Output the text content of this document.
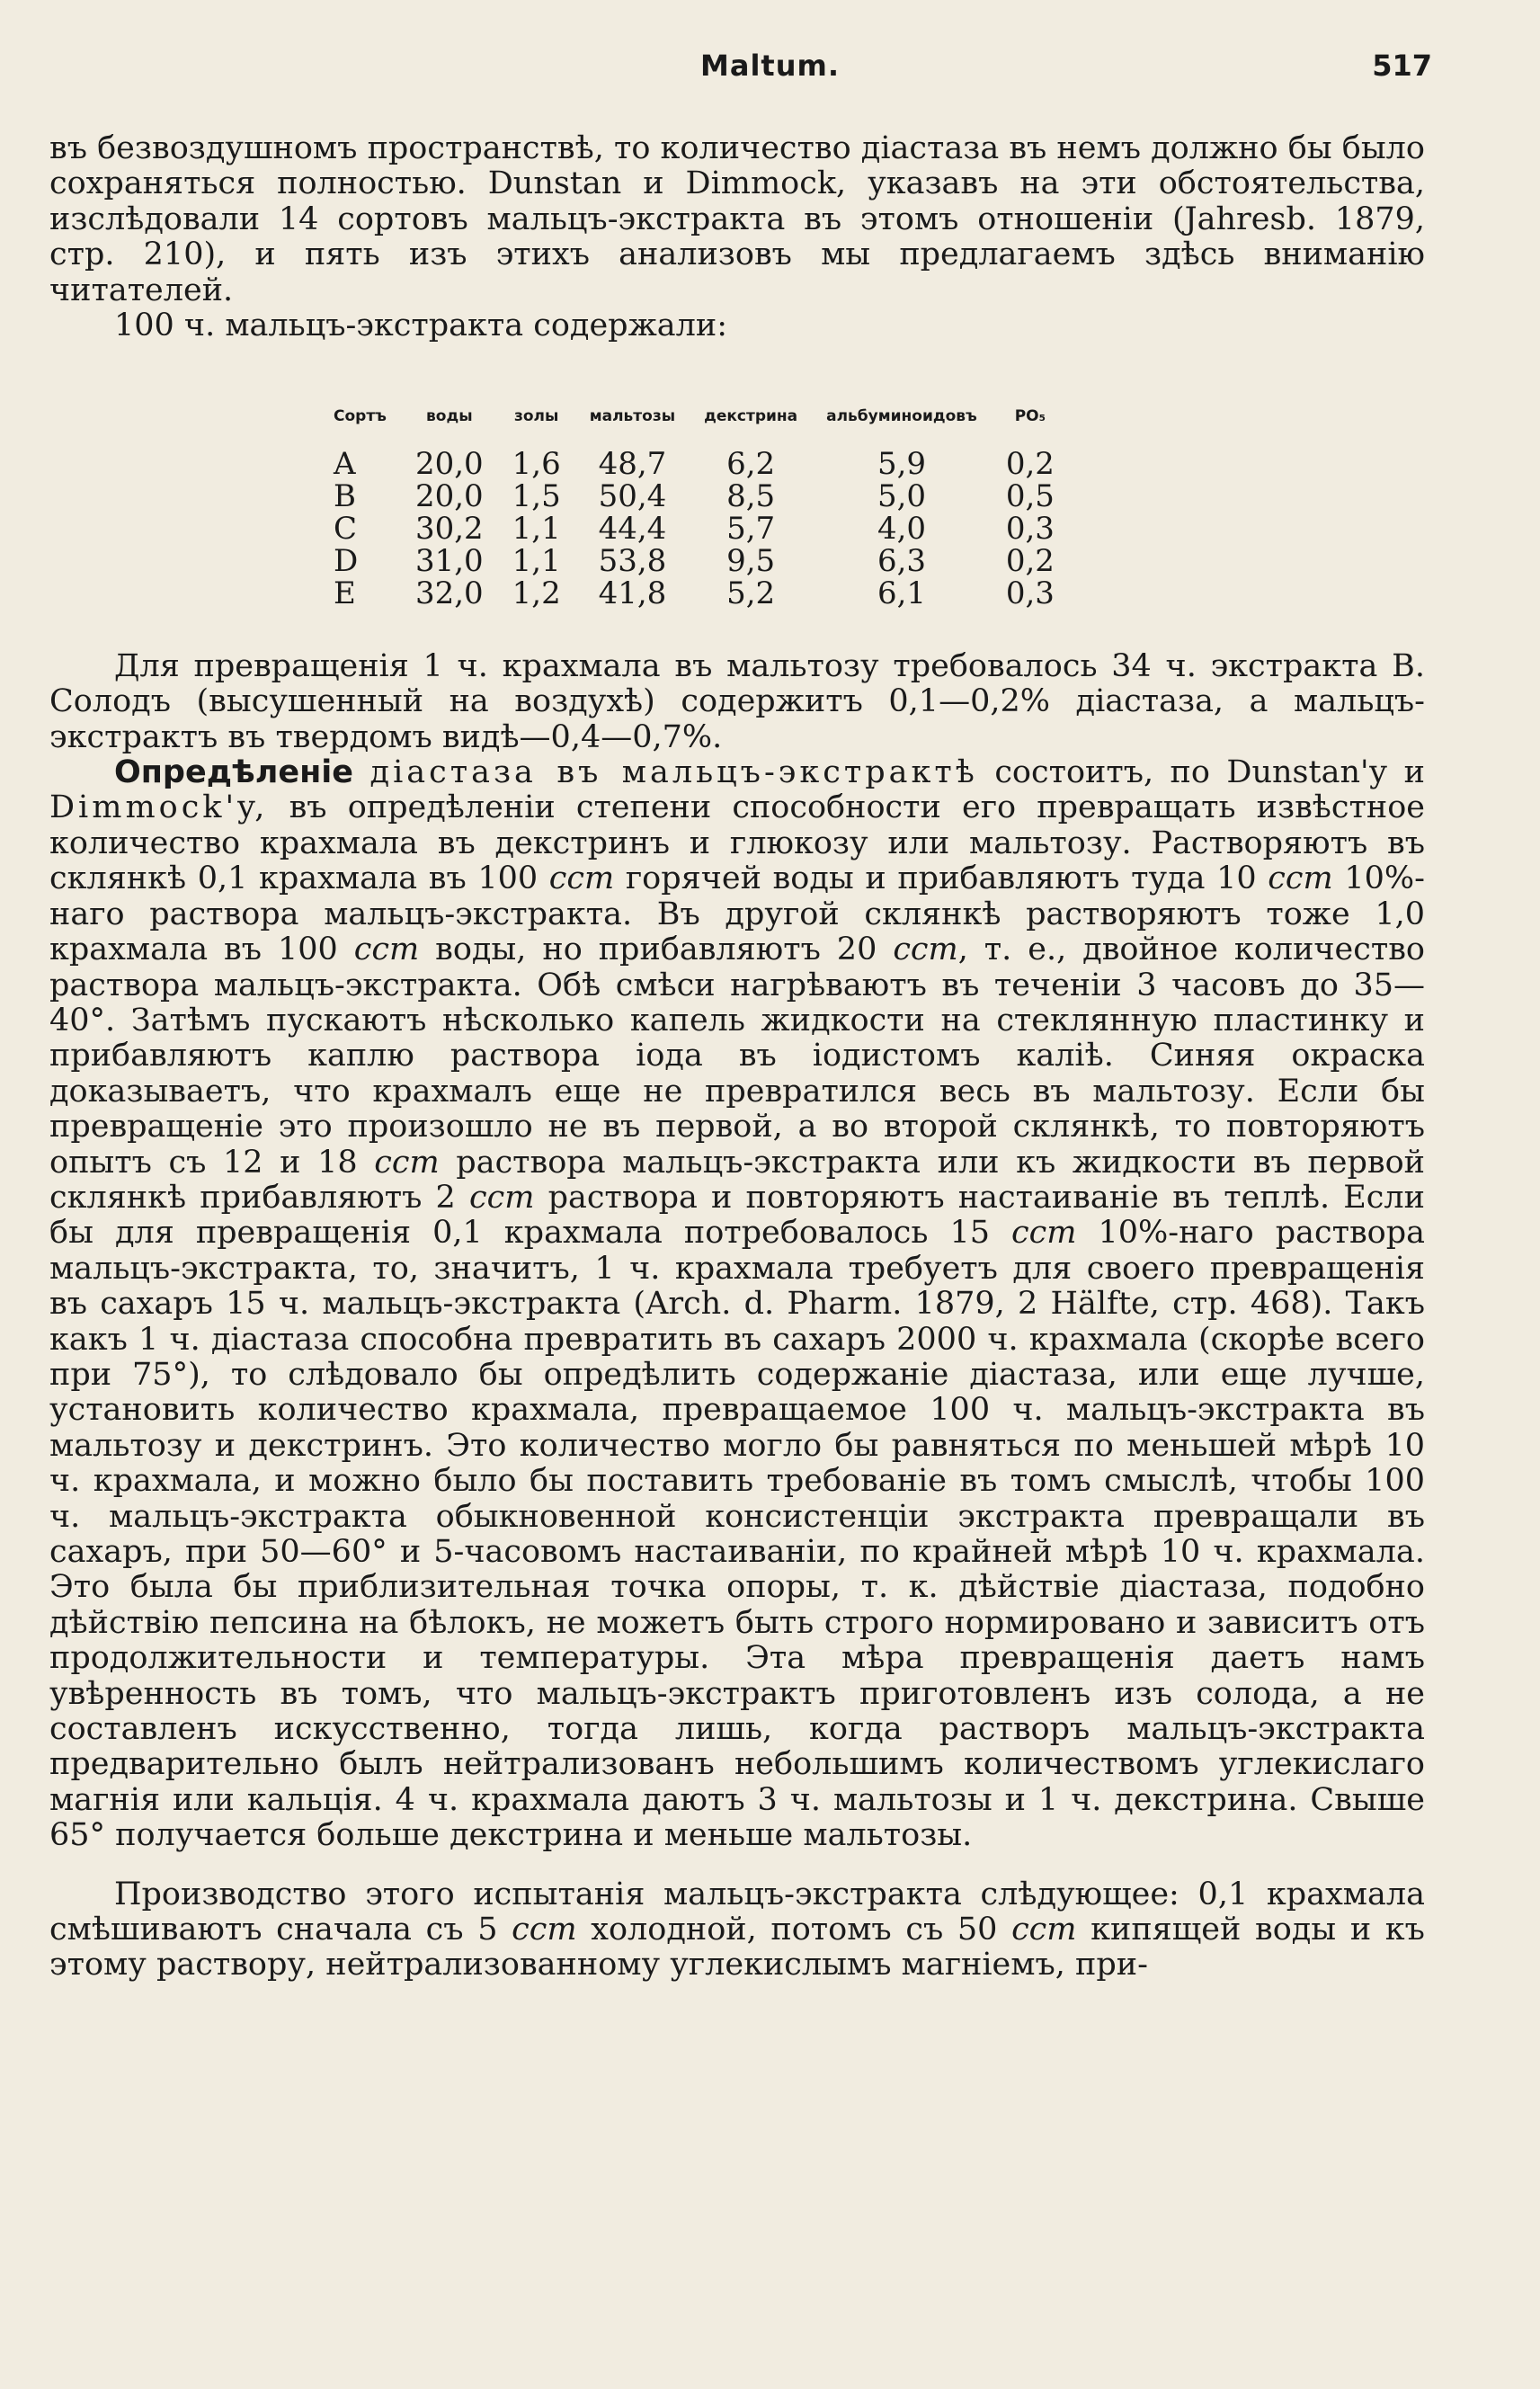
Maltum.	517

въ безвоздушномъ пространствѣ, то количество діастаза въ немъ должно бы было сохраняться полностью. Dunstan и Dimmock, указавъ на эти обстоятельства, изслѣдовали 14 сортовъ мальцъ-экстракта въ этомъ отношеніи (Jahresb. 1879, стр. 210), и пять изъ этихъ анализовъ мы предлагаемъ здѣсь вниманію читателей.

100 ч. мальцъ-экстракта содержали:

Сортъ	воды	золы	мальтозы	декстрина	альбуминоидовъ	PO₅
A	20,0	1,6	48,7	6,2	5,9	0,2
B	20,0	1,5	50,4	8,5	5,0	0,5
C	30,2	1,1	44,4	5,7	4,0	0,3
D	31,0	1,1	53,8	9,5	6,3	0,2
E	32,0	1,2	41,8	5,2	6,1	0,3

Для превращенія 1 ч. крахмала въ мальтозу требовалось 34 ч. экстракта B. Солодъ (высушенный на воздухѣ) содержитъ 0,1—0,2% діастаза, а мальцъ-экстрактъ въ твердомъ видѣ—0,4—0,7%.

Опредѣленіе діастаза въ мальцъ-экстрактѣ состоитъ, по Dunstan'у и Dimmock'y, въ опредѣленіи степени способности его превращать извѣстное количество крахмала въ декстринъ и глюкозу или мальтозу. Растворяютъ въ склянкѣ 0,1 крахмала въ 100 ccm горячей воды и прибавляютъ туда 10 ccm 10%-наго раствора мальцъ-экстракта. Въ другой склянкѣ растворяютъ тоже 1,0 крахмала въ 100 ccm воды, но прибавляютъ 20 ccm, т. е., двойное количество раствора мальцъ-экстракта. Обѣ смѣси нагрѣваютъ въ теченіи 3 часовъ до 35—40°. Затѣмъ пускаютъ нѣсколько капель жидкости на стеклянную пластинку и прибавляютъ каплю раствора іода въ іодистомъ калiѣ. Синяя окраска доказываетъ, что крахмалъ еще не превратился весь въ мальтозу. Если бы превращеніе это произошло не въ первой, а во второй склянкѣ, то повторяютъ опытъ съ 12 и 18 ccm раствора мальцъ-экстракта или къ жидкости въ первой склянкѣ прибавляютъ 2 ccm раствора и повторяютъ настаиваніе въ теплѣ. Если бы для превращенія 0,1 крахмала потребовалось 15 ccm 10%-наго раствора мальцъ-экстракта, то, значитъ, 1 ч. крахмала требуетъ для своего превращенія въ сахаръ 15 ч. мальцъ-экстракта (Arch. d. Pharm. 1879, 2 Hälfte, стр. 468). Такъ какъ 1 ч. діастаза способна превратить въ сахаръ 2000 ч. крахмала (скорѣе всего при 75°), то слѣдовало бы опредѣлить содержаніе діастаза, или еще лучше, установить количество крахмала, превращаемое 100 ч. мальцъ-экстракта въ мальтозу и декстринъ. Это количество могло бы равняться по меньшей мѣрѣ 10 ч. крахмала, и можно было бы поставить требованіе въ томъ смыслѣ, чтобы 100 ч. мальцъ-экстракта обыкновенной консистенціи экстракта превращали въ сахаръ, при 50—60° и 5-часовомъ настаиваніи, по крайней мѣрѣ 10 ч. крахмала. Это была бы приблизительная точка опоры, т. к. дѣйствіе діастаза, подобно дѣйствію пепсина на бѣлокъ, не можетъ быть строго нормировано и зависитъ отъ продолжительности и температуры. Эта мѣра превращенія даетъ намъ увѣренность въ томъ, что мальцъ-экстрактъ приготовленъ изъ солода, а не составленъ искусственно, тогда лишь, когда растворъ мальцъ-экстракта предварительно былъ нейтрализованъ небольшимъ количествомъ углекислаго магнія или кальція. 4 ч. крахмала даютъ 3 ч. мальтозы и 1 ч. декстрина. Свыше 65° получается больше декстрина и меньше мальтозы.

Производство этого испытанія мальцъ-экстракта слѣдующее: 0,1 крахмала смѣшиваютъ сначала съ 5 ccm холодной, потомъ съ 50 ccm кипящей воды и къ этому раствору, нейтрализованному углекислымъ магніемъ, при-
